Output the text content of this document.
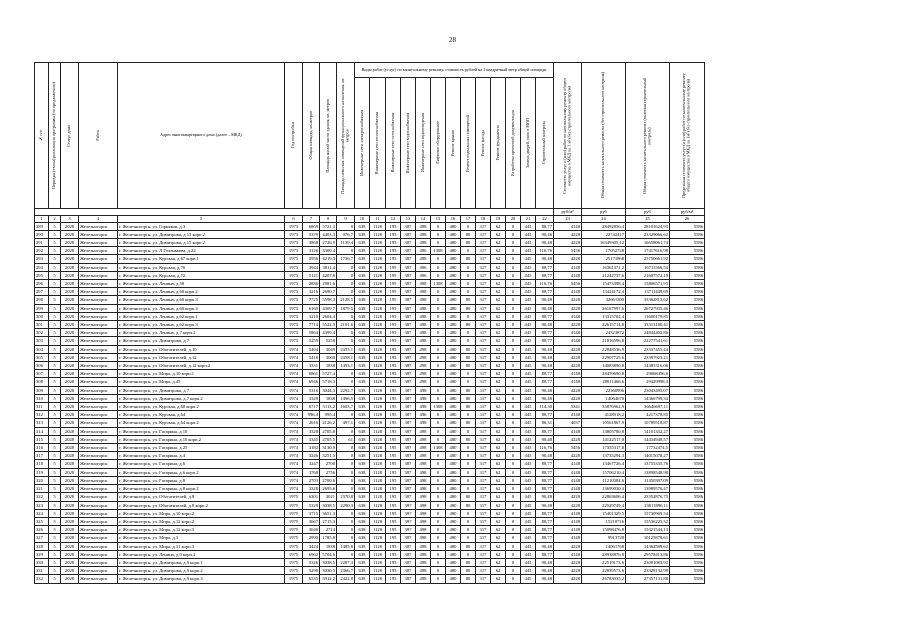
28
№ п/п	Периоды (этапы) реализации программы (по предложению)	Статус дома	Район	Адрес многоквартирного дома (далее – МКД)	Год постройки	Общая площадь, кв.метров	Площадь жилой части здания, кв. метров	Площадь нежилых помещений функционального назначения, кв. метров	Виды работ (услуг) по капитальному ремонту, стоимость рублей на 1 квадратный метр общей площади													Стоимость услуг и (или) работ по капитальному ремонту общего имущества в МКД на 1 м² (без строительного контроля)	Общая стоимость капитального ремонта (без строительного контроля)	Общая стоимость капитального ремонта (включая строительный контроль)	Предельная стоимость услуг (и (или) работ по капитальному ремонту общего имущества в МКД на 1м² (без строительного контроля)

									Инженерные сети электроснабжения	Инженерные сети теплоснабжения	Инженерные сети газоснабжения	Инженерные сети водоснабжения	Инженерные сети водоотведения	Лифтовое оборудование	Ремонт крыши	Ремонт подвальных помещений	Ремонт фасада	Ремонт фундамента	Разработка проектной документации	Замена дверей, окон в МОП	Строительный контроль				

																						руб/м²	руб	руб	руб/м²
1	2	3	4	5	6	7	8	9	10	11	12	13	14	15	16	17	18	19	20	21	22	23	24	25	26
289	5	2028	Железногорск	г. Железногорск, ул. Горняков, д.3	1973	6869	5721,3	0	638	1128	195	387	498	0	480	0	317	62	0	445	88,77	4148	28492856,4	28101624,93	5586
290	5	2028	Железногорск	г. Железногорск, ул. Димитрова, д.13 корп.2	1973	5379	4403,3	976,7	638	1128	195	387	498	0	480	80	317	62	0	445	90,46	4228	22742417	23329066,62	5586
291	5	2028	Железногорск	г. Железногорск, ул. Димитрова, д.15 корп.2	1973	3868	2726,9	1139,4	638	1128	195	387	498	0	480	80	317	62	0	445	90,48	4228	16349305,12	16658061,74	5586
292	5	2028	Железногорск	г. Железногорск, ул. Л.Голенькова, д.22	1973	3126	3300,4	0	638	1128	195	387	496	1308	480	0	317	62	0	445	116,76	5456	17052728	17417616,98	5586
293	5	2028	Железногорск	г. Железногорск, ул. Курская, д.67 корп.1	1973	5956	4219,3	1736,7	638	1128	195	387	498	0	480	80	317	62	0	445	90,48	4228	25171868	25750661,92	5586
294	5	2028	Железногорск	г. Железногорск, ул. Курская, д.70	1973	3944	3811,4	0	638	1128	195	387	496	0	480	0	317	62	0	445	88,77	4148	16361371,2	16711566,54	5586
295	5	2028	Железногорск	г. Железногорск, ул. Курская, д.72	1973	5121	4207,8	0	638	1128	195	387	496	0	480	0	317	62	0	445	88,77	4148	21242737,6	21607572,19	5586
296	5	2028	Железногорск	г. Железногорск, ул. Ленина, д.58	1973	2836	2981,6	0	638	1128	195	387	498	1308	480	0	317	62	0	445	116,76	5456	15473398,4	15806571,93	5586
297	5	2028	Железногорск	г. Железногорск, ул. Ленина, д.60 корп.2	1973	3216	2690,7	0	638	1128	195	387	498	0	480	0	317	62	0	445	88,77	4148	13424172,4	13711449,69	5586
298	5	2028	Железногорск	г. Железногорск, ул. Ленина, д.60 корп.3	1973	7725	5598,3	2128,5	638	1128	195	387	498	0	480	80	317	62	0	445	90,48	4228	32661300	33362813,62	5586
299	5	2028	Железногорск	г. Железногорск, ул. Ленина, д.60 корп.4	1973	6169	4309,7	1879,5	638	1128	195	387	498	0	480	80	317	62	0	445	90,48	4228	26167997,6	26727935,46	5586
300	5	2028	Железногорск	г. Железногорск, ул. Ленина, д.62 корп.1	1973	3210	2604,4	0	638	1128	195	387	498	0	480	0	317	62	0	445	88,77	4148	13315702,4	13600179,85	5586
301	5	2028	Железногорск	г. Железногорск, ул. Ленина, д.62 корп.3	1973	7714	5522,5	2191,6	638	1128	195	387	498	0	480	80	317	62	0	445	90,48	4228	32615714,8	33313180,41	5586
302	5	2028	Железногорск	г. Железногорск, ул. Ленина, д.7 корп.2	1973	5864	4399,4	0	638	1128	195	387	498	0	480	0	317	62	0	445	88,77	4148	24323872	24844402,86	5586
303	5	2028	Железногорск	г. Железногорск, ул. Димитрова, д.7	1973	5259	5258	0	638	1128	195	387	498	0	480	0	317	62	0	445	88,77	4148	21816596,8	22277541,61	5586
304	5	2028	Железногорск	г. Железногорск, ул. Обогатителей, д.10	1974	5404	3049	2355,1	638	1128	195	387	498	0	480	80	317	62	0	445	90,48	4228	22848536,9	23337455,44	5586
305	5	2028	Железногорск	г. Железногорск, ул. Обогатителей, д.12	1974	5418	3060	2358,1	638	1128	195	387	498	0	480	80	317	62	0	445	90,48	4228	22907725,6	23397923,21	5586
306	5	2028	Железногорск	г. Железногорск, ул. Обогатителей, д.12 корп.2	1974	3331	1838	1493,1	638	1128	195	387	498	0	480	80	317	62	0	445	90,48	4228	14083890,8	14385316,06	5586
307	5	2028	Железногорск	г. Железногорск, ул. Мира, д.10 корп.1	1974	6861	5727,4	0	638	1128	195	387	498	0	480	0	317	62	0	445	88,77	4148	28459690,8	29068456,6	5586
308	5	2028	Железногорск	г. Железногорск, ул. Мира, д.45	1974	6946	5718,3	0	638	1128	195	387	498	0	480	0	317	62	0	445	88,77	4148	28811466,6	29429998,3	5586
309	5	2028	Железногорск	г. Железногорск, ул. Димитрова, д.7	1974	5316	3044,3	2292,7	638	1128	195	387	498	0	480	80	317	62	0	445	90,48	4228	22560996	23043495,07	5586
310	5	2028	Железногорск	г. Железногорск, ул. Димитрова, д.7 корп.2	1974	3329	1838	1496,5	638	1128	195	387	498	0	480	80	317	62	0	445	90,48	4228	14064670	14366799,34	5586
311	5	2028	Железногорск	г. Железногорск, ул. Курская, д.60 корп.2	1974	6717	5113,2	1603,7	638	1128	195	387	498	1308	480	80	317	62	0	445	114,30	5341	35876962,9	36646697,11	5586
312	5	2028	Железногорск	г. Железногорск, ул. Курская, д.64	1974	996,4	995,4	0	638	1128	195	387	496	0	480	0	317	62	0	445	88,77	4148	4128918,2	4217378,85	5586
313	5	2028	Железногорск	г. Железногорск, ул. Курская, д.64 корп.2	1974	2616	2126,2	497,1	638	1128	195	387	498	0	480	80	317	62	0	445	86,31	4037	10561867,9	10789518,87	5586
314	5	2028	Железногорск	г. Железногорск, ул. Гагарина, д.10	1974	3328	2705,8	0	638	1128	195	387	498	0	480	0	317	62	0	445	88,77	4148	13805780,8	14101332,27	5586
315	5	2028	Железногорск	г. Железногорск, ул. Гагарина, д.10 корп.2	1974	3345	2705,5	61	638	1128	195	387	498	0	480	80	317	62	0	445	90,48	4228	14122517,8	14434948,57	5586
316	5	2028	Железногорск	г. Железногорск, ул. Гагарина, д.25	1974	3182	3130,9	0	638	1128	195	387	498	1308	480	0	317	62	0	445	116,76	5456	17355317,8	17732474,5	5586
317	5	2028	Железногорск	г. Железногорск, ул. Гагарина, д.4	1974	3246	3251,5	0	638	1128	195	387	498	0	480	0	317	62	0	445	90,48	4228	13735294,3	14015078,27	5586
318	5	2028	Железногорск	г. Железногорск, ул. Гагарина, д.6	1974	3247	2700	0	638	1128	195	387	498	0	480	0	317	62	0	445	88,77	4148	13467726,4	13755335,76	5586
319	5	2028	Железногорск	г. Железногорск, ул. Гагарина, д.6 корп.2	1974	3768	2756	0	638	1128	195	387	498	0	480	0	317	62	0	445	88,77	4148	15706210,4	13898548,98	5586
320	5	2028	Железногорск	г. Железногорск, ул. Гагарина, д.8	1974	2703	2700,6	0	638	1128	195	387	498	0	480	0	317	62	0	445	88,77	4148	11210384,6	11450397,09	5586
321	5	2028	Железногорск	г. Железногорск, ул. Гагарина, д.8 корп.2	1974	3328	2695,6	0	638	1128	195	387	498	0	480	0	317	62	0	445	88,77	4148	13699030,3	13989576,47	5586
322	5	2028	Железногорск	г. Железногорск, ул. Обогатителей, д.8	1975	6301	3021	2370,8	638	1128	195	387	498	0	480	80	317	62	0	445	90,48	4228	22863606,4	23352876,75	5586
323	5	2028	Железногорск	г. Железногорск, ул. Обогатителей, д.8 корп.2	1975	5329	3038,5	2290,3	638	1128	195	387	498	0	480	80	317	62	0	445	90,48	4228	22529749,4	23011890,11	5586
324	5	2028	Железногорск	г. Железногорск, ул. Мира, д.10 корп.2	1975	3715	3651,3	0	638	1128	195	387	498	0	480	0	317	62	0	445	88,77	4148	15401329,5	15730969,54	5586
325	5	2028	Железногорск	г. Железногорск, ул. Мира, д.12 корп.2	1975	3667	2715,3	0	638	1128	195	387	498	0	480	0	317	62	0	445	88,77	4148	15210716	15536225,32	5586
326	5	2028	Железногорск	г. Железногорск, ул. Мира, д.12 корп.3	1975	3640	2714	0	638	1128	195	387	498	0	480	0	317	62	0	445	88,77	4148	15098476,8	15421544,13	5586
327	5	2028	Железногорск	г. Железногорск, ул. Мира, д.3	1975	2990	1785,8	0	638	1128	195	387	498	0	480	0	317	62	0	445	88,77	4148	9913728	10125878,61	5586
328	5	2028	Железногорск	г. Железногорск, ул. Мира, д.31 корп.3	1975	3424	1838	1485,8	638	1128	195	387	498	0	480	80	317	62	0	445	90,48	4228	14061768	14362599,62	5586
329	5	2028	Железногорск	г. Железногорск, ул. Ленина, д.9 корп.2	1975	6962	5704,6	0	638	1128	195	387	498	0	480	0	317	62	0	445	88,77	4148	28938876,8	29578413,86	5586
330	5	2028	Железногорск	г. Железногорск, ул. Димитрова, д.9 корп.1	1975	5326	3038,5	2287,3	638	1128	195	387	498	0	480	80	317	62	0	445	90,48	4228	22519173,6	23001083,92	5586
331	5	2028	Железногорск	г. Железногорск, ул. Димитрова, д.9 корп.2	1975	5296	3030,5	2366,7	638	1128	195	387	498	0	480	80	317	62	0	445	90,48	4228	22839573,6	23328132,99	5586
332	5	2028	Железногорск	г. Железногорск, ул. Димитрова, д.9 корп.3	1975	6535	5912,2	2422,8	638	1128	195	387	498	0	480	80	317	62	0	445	90,48	4228	26783035,2	27357131,88	5586
